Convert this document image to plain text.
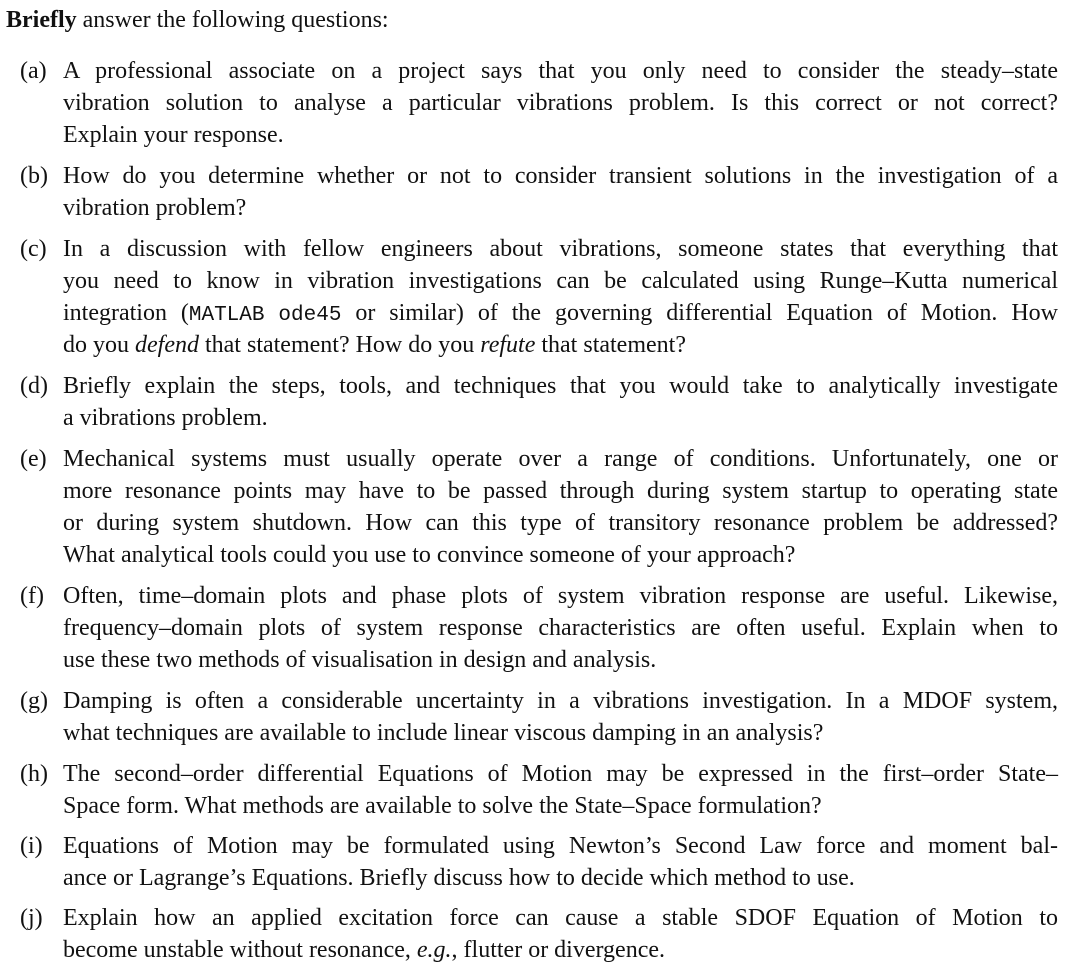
Briefly answer the following questions:
(a) A professional associate on a project says that you only need to consider the steady–state
vibration solution to analyse a particular vibrations problem. Is this correct or not correct?
Explain your response.
(b) How do you determine whether or not to consider transient solutions in the investigation of a
vibration problem?
(c) In a discussion with fellow engineers about vibrations, someone states that everything that
you need to know in vibration investigations can be calculated using Runge–Kutta numerical
integration (MATLAB ode45 or similar) of the governing differential Equation of Motion. How
do you defend that statement? How do you refute that statement?
(d) Briefly explain the steps, tools, and techniques that you would take to analytically investigate
a vibrations problem.
(e) Mechanical systems must usually operate over a range of conditions. Unfortunately, one or
more resonance points may have to be passed through during system startup to operating state
or during system shutdown. How can this type of transitory resonance problem be addressed?
What analytical tools could you use to convince someone of your approach?
(f) Often, time–domain plots and phase plots of system vibration response are useful. Likewise,
frequency–domain plots of system response characteristics are often useful. Explain when to
use these two methods of visualisation in design and analysis.
(g) Damping is often a considerable uncertainty in a vibrations investigation. In a MDOF system,
what techniques are available to include linear viscous damping in an analysis?
(h) The second–order differential Equations of Motion may be expressed in the first–order State–
Space form. What methods are available to solve the State–Space formulation?
(i) Equations of Motion may be formulated using Newton’s Second Law force and moment bal-
ance or Lagrange’s Equations. Briefly discuss how to decide which method to use.
(j) Explain how an applied excitation force can cause a stable SDOF Equation of Motion to
become unstable without resonance, e.g., flutter or divergence.
